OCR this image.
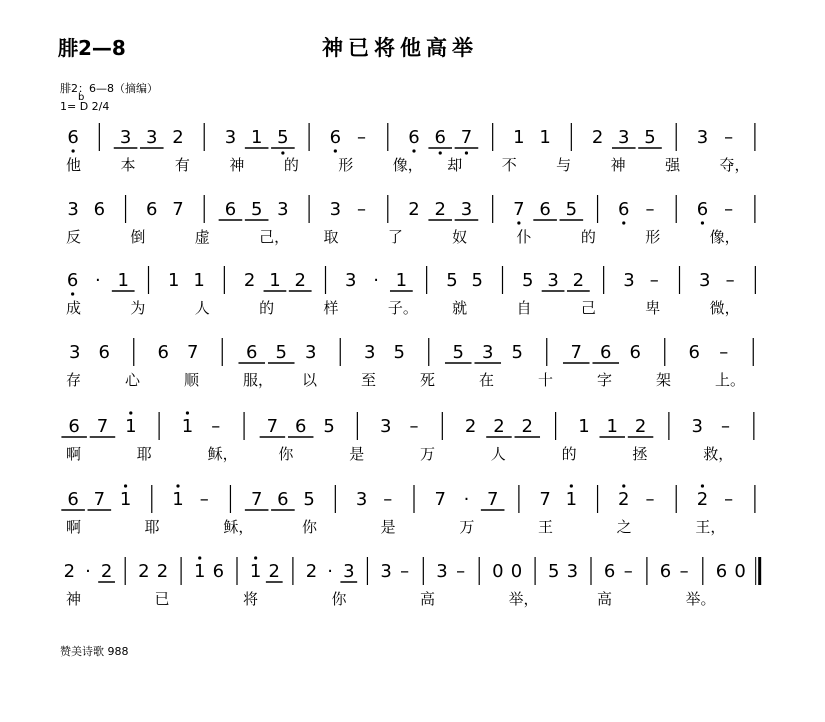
腓2—8	神已将他高举
腓2：6—8（摘编）
1= D 2/4
b
6 3 3 2 3 1 5 6 – 6 6 7 1 1 2 3 5 3 –
他	本	有	神	的	形	像， 却	不	与	神	强	夺，
3 6 6 7 6 5 3 3 – 2 2 3 7 6 5 6 – 6 –
反	倒	虚	己， 取	了	奴	仆	的	形	像，
6 · 1 1 1 2 1 2 3 · 1 5 5 5 3 2 3 – 3 –
成	为	人	的	样	子。 就	自	己	卑	微，
3 6	6 7	6 5 3	3 5	5 3 5	7 6 6	6 –
存	心	顺	服， 以	至	死	在	十	字	架	上。
6 7 1	1 –	7 6 5	3 –	2 2 2	1 1 2	3 –
啊	耶	稣，	你	是	万	人	的	拯	救，
6 7 1 1 – 7 6 5 3 – 7 · 7 7 1 2 – 2 –
啊	耶	稣，	你	是	万	王	之	王，
2 · 2 2 2 1 6 1 2 2 · 3 3 – 3 – 0 0 5 3 6 – 6 – 6 0
神	已	将	你	高	举，	高	举。
赞美诗歌 988
